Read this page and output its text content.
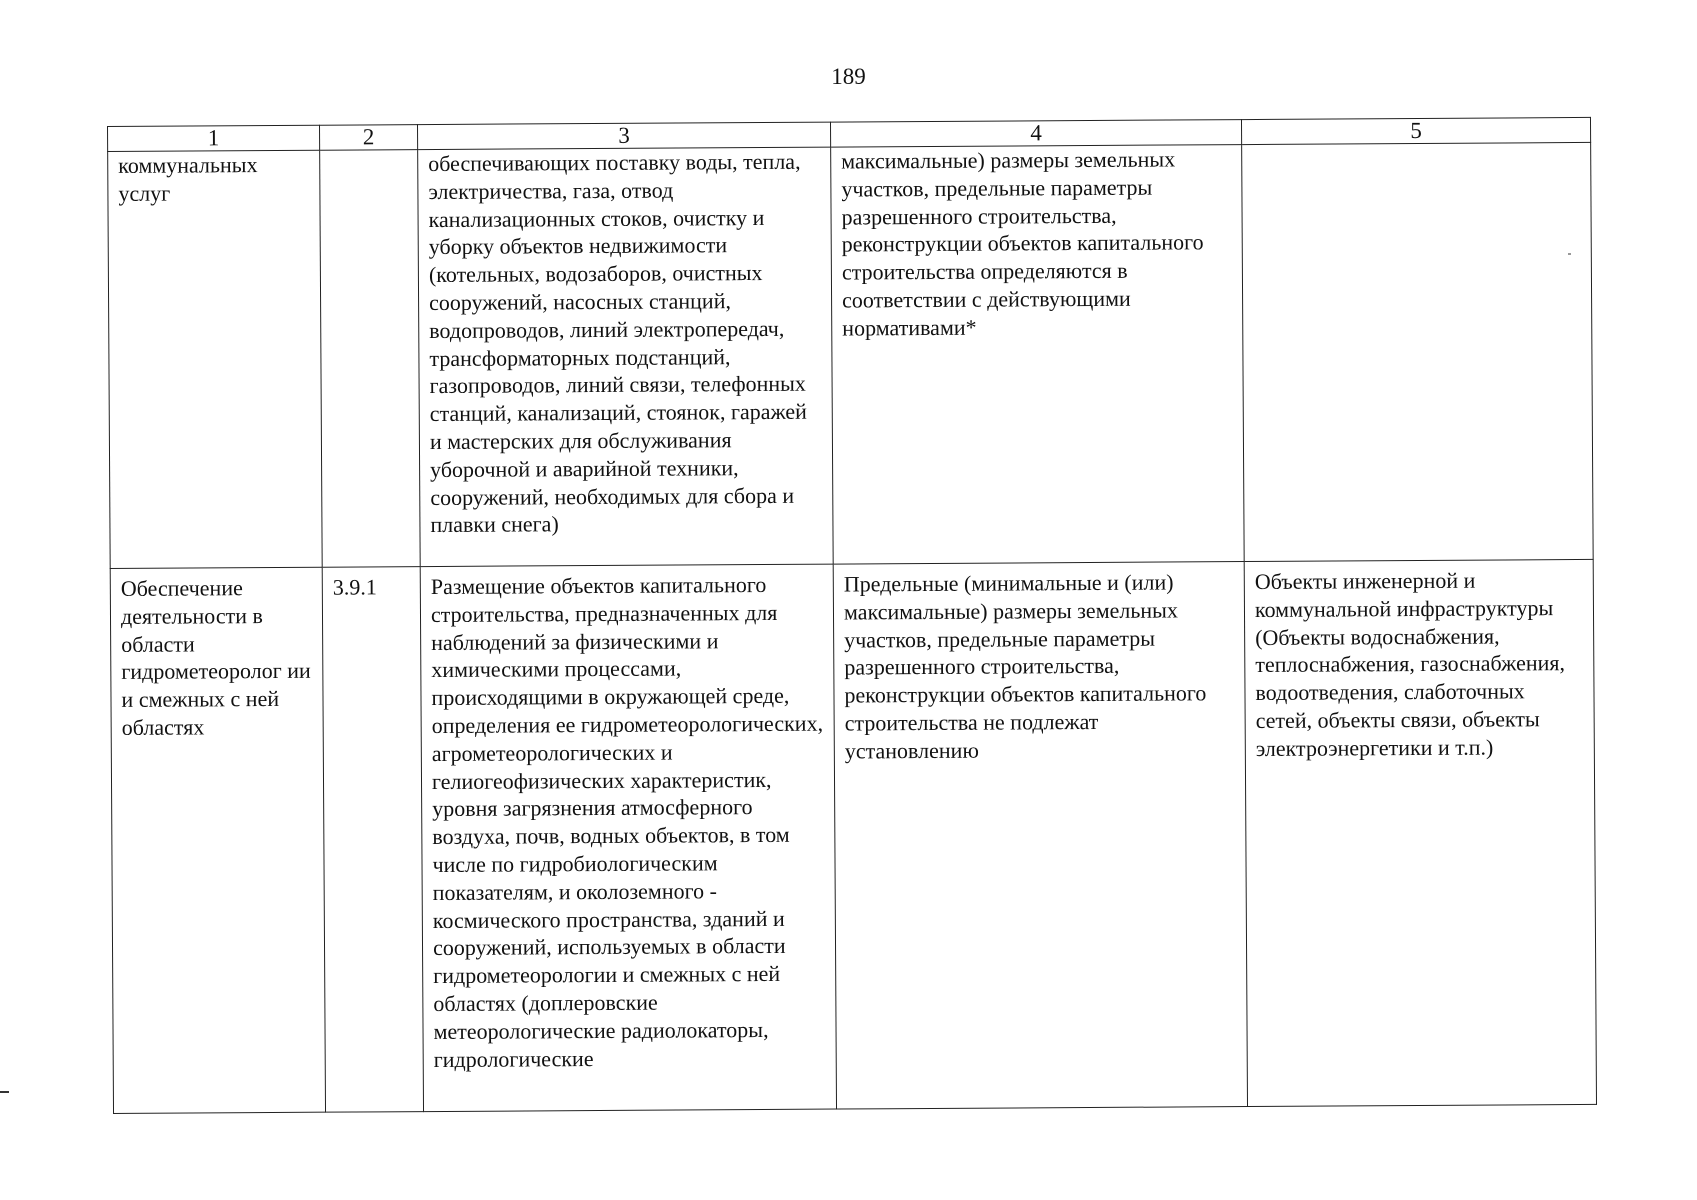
189
1	2	3	4	5

коммунальных услуг		обеспечивающих поставку воды, тепла, электричества, газа, отвод канализационных стоков, очистку и уборку объектов недвижимости (котельных, водозаборов, очистных сооружений, насосных станций, водопроводов, линий электропередач, трансформаторных подстанций, газопроводов, линий связи, телефонных станций, канализаций, стоянок, гаражей и мастерских для обслуживания уборочной и аварийной техники, сооружений, необходимых для сбора и плавки снега)	максимальные) размеры земельных участков, предельные параметры разрешенного строительства, реконструкции объектов капитального строительства определяются в соответствии с действующими нормативами*	

Обеспечение деятельности в области гидрометеоролог ии и смежных с ней областях	3.9.1	Размещение объектов капитального строительства, предназначенных для наблюдений за физическими и химическими процессами, происходящими в окружающей среде, определения ее гидрометеорологических, агрометеорологических и гелиогеофизических характеристик, уровня загрязнения атмосферного воздуха, почв, водных объектов, в том числе по гидробиологическим показателям, и околоземного - космического пространства, зданий и сооружений, используемых в области гидрометеорологии и смежных с ней областях (доплеровские метеорологические радиолокаторы, гидрологические	Предельные (минимальные и (или) максимальные) размеры земельных участков, предельные параметры разрешенного строительства, реконструкции объектов капитального строительства не подлежат установлению	Объекты инженерной и коммунальной инфраструктуры (Объекты водоснабжения, теплоснабжения, газоснабжения, водоотведения, слаботочных сетей, объекты связи, объекты электроэнергетики и т.п.)
